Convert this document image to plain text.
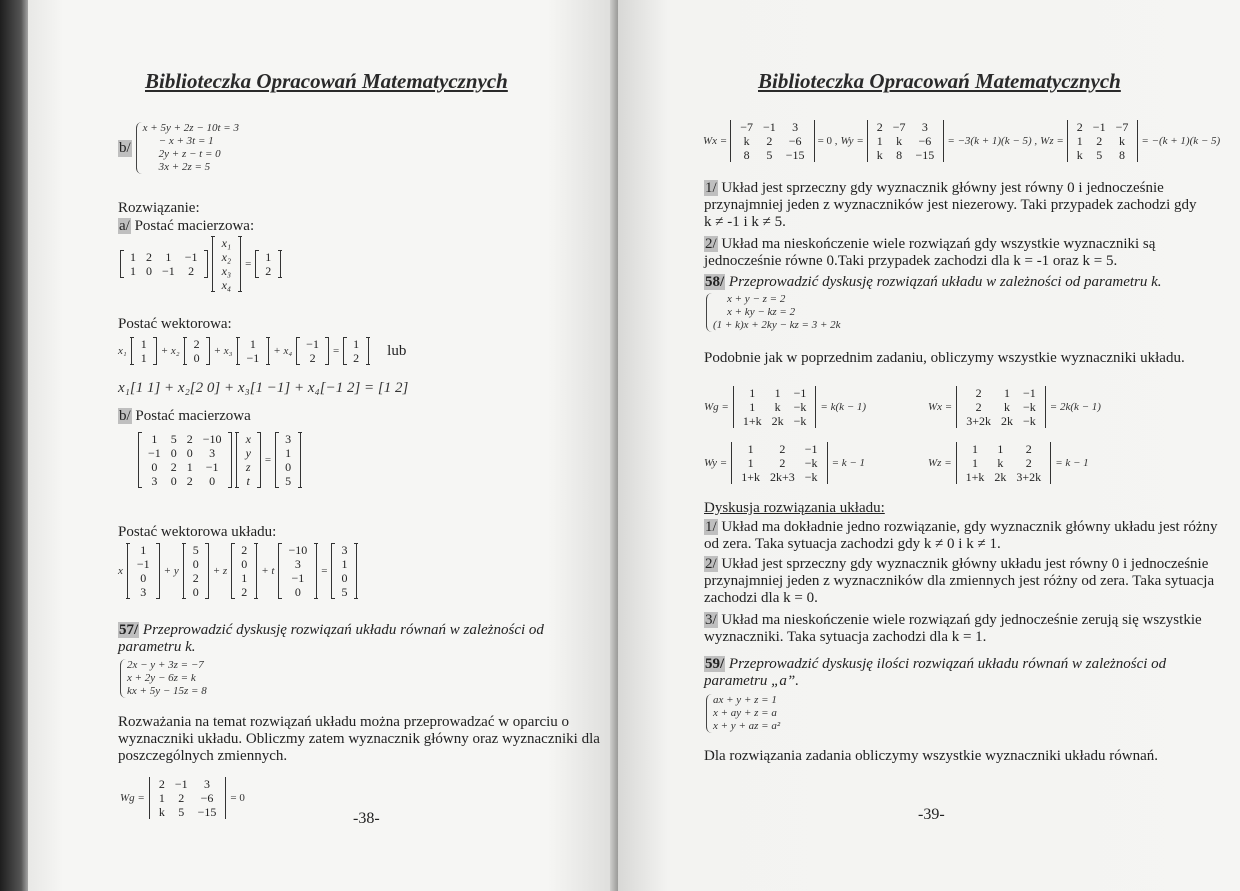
Biblioteczka Opracowań Matematycznych
b/
x + 5y + 2z − 10t = 3
− x + 3t = 1
2y + z − t = 0
3x + 2z = 5
Rozwiązanie:
a/ Postać macierzowa:
1	2	1	−1
1	0	−1	2
x₁
x₂
x₃
x₄
= 1
2
Postać wektorowa:
x₁ 1
1
+ x₂ 2
0
+ x₃ 1
−1
+ x₄ −1
2
= 1
2 lub
x₁[1 1] + x₂[2 0] + x₃[1 −1] + x₄[−1 2] = [1 2]
b/ Postać macierzowa
1	5	2	−10
−1	0	0	3
0	2	1	−1
3	0	2	0
x
y
z
t
=
3
1
0
5
Postać wektorowa układu:
x
1
−1
0
3
+ y
5
0
2
0
+ z
2
0
1
2
+ t
−10
3
−1
0
=
3
1
0
5
57/ Przeprowadzić dyskusję rozwiązań układu równań w zależności od parametru k.
2x − y + 3z = −7
x + 2y − 6z = k
kx + 5y − 15z = 8
Rozważania na temat rozwiązań układu można przeprowadzać w oparciu o wyznaczniki układu. Obliczmy zatem wyznacznik główny oraz wyznaczniki dla poszczególnych zmiennych.
Wg =
2	−1	3
1	2	−6
k	5	−15
= 0
-38-
Biblioteczka Opracowań Matematycznych
Wx =
−7	−1	3
k	2	−6
8	5	−15
= 0 , Wy =
2	−7	3
1	k	−6
k	8	−15
= −3(k + 1)(k − 5) , Wz =
2	−1	−7
1	2	k
k	5	8
= −(k + 1)(k − 5)
1/ Układ jest sprzeczny gdy wyznacznik główny jest równy 0 i jednocześnie przynajmniej jeden z wyznaczników jest niezerowy. Taki przypadek zachodzi gdy k ≠ -1 i k ≠ 5.
2/ Układ ma nieskończenie wiele rozwiązań gdy wszystkie wyznaczniki są jednocześnie równe 0.Taki przypadek zachodzi dla k = -1 oraz k = 5.
58/ Przeprowadzić dyskusję rozwiązań układu w zależności od parametru k.
x + y − z = 2
x + ky − kz = 2
(1 + k)x + 2ky − kz = 3 + 2k
Podobnie jak w poprzednim zadaniu, obliczymy wszystkie wyznaczniki układu.
Wg =
1	1	−1
1	k	−k
1+k	2k	−k
= k(k − 1)	Wx =
2	1	−1
2	k	−k
3+2k	2k	−k
= 2k(k − 1)
Wy =
1	2	−1
1	2	−k
1+k	2k+3	−k
= k − 1	Wz =
1	1	2
1	k	2
1+k	2k	3+2k
= k − 1
Dyskusja rozwiązania układu:
1/ Układ ma dokładnie jedno rozwiązanie, gdy wyznacznik główny układu jest różny od zera. Taka sytuacja zachodzi gdy k ≠ 0 i k ≠ 1.
2/ Układ jest sprzeczny gdy wyznacznik główny układu jest równy 0 i jednocześnie przynajmniej jeden z wyznaczników dla zmiennych jest różny od zera. Taka sytuacja zachodzi dla k = 0.
3/ Układ ma nieskończenie wiele rozwiązań gdy jednocześnie zerują się wszystkie wyznaczniki. Taka sytuacja zachodzi dla k = 1.
59/ Przeprowadzić dyskusję ilości rozwiązań układu równań w zależności od parametru „a”.
ax + y + z = 1
x + ay + z = a
x + y + az = a²
Dla rozwiązania zadania obliczymy wszystkie wyznaczniki układu równań.
-39-
